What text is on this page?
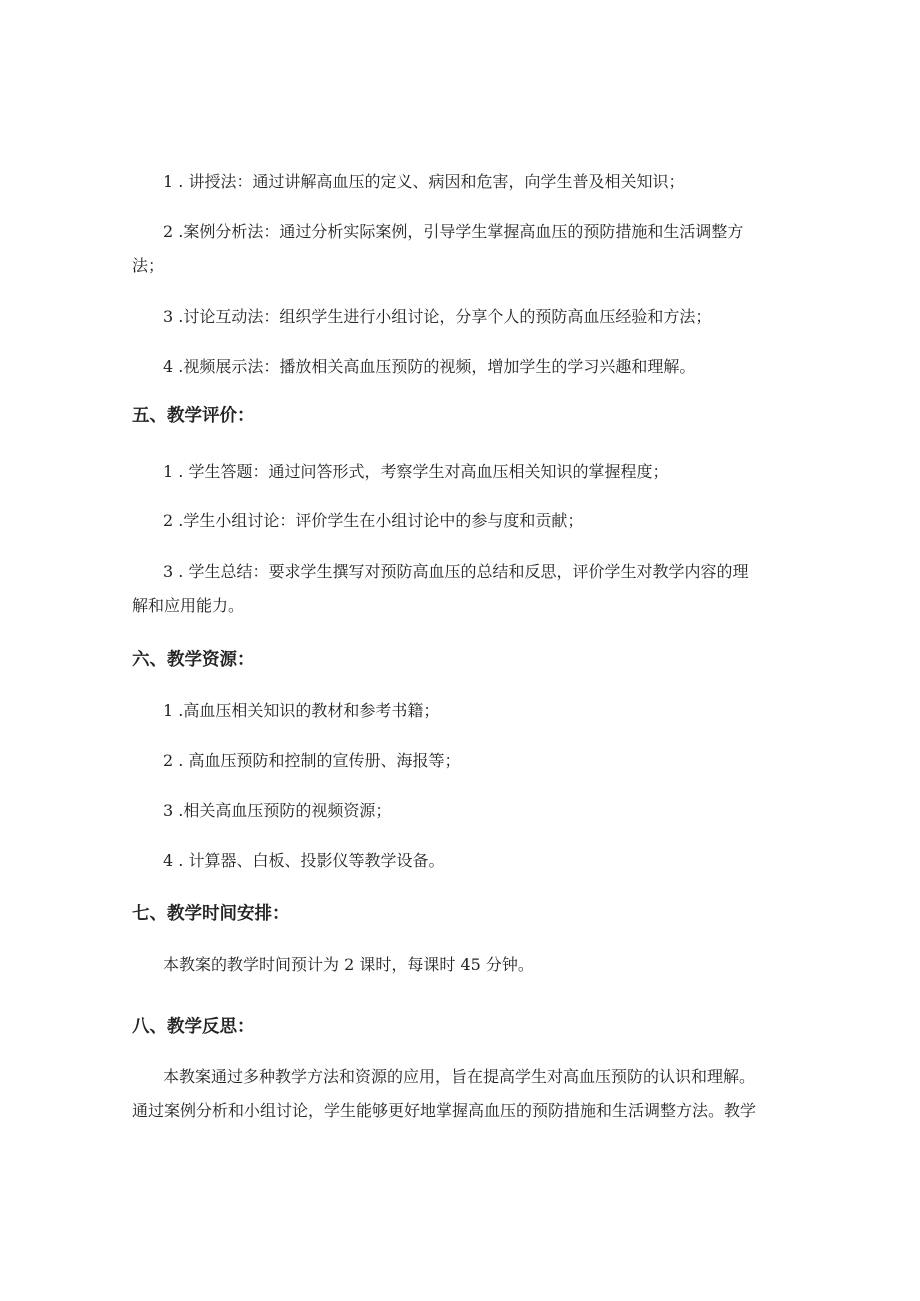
1 . 讲授法：通过讲解高血压的定义、病因和危害，向学生普及相关知识；
2 .案例分析法：通过分析实际案例，引导学生掌握高血压的预防措施和生活调整方
法；
3 .讨论互动法：组织学生进行小组讨论，分享个人的预防高血压经验和方法；
4 .视频展示法：播放相关高血压预防的视频，增加学生的学习兴趣和理解。
五、教学评价：
1 . 学生答题：通过问答形式，考察学生对高血压相关知识的掌握程度；
2 .学生小组讨论：评价学生在小组讨论中的参与度和贡献；
3 . 学生总结：要求学生撰写对预防高血压的总结和反思，评价学生对教学内容的理
解和应用能力。
六、教学资源：
1 .高血压相关知识的教材和参考书籍；
2 . 高血压预防和控制的宣传册、海报等；
3 .相关高血压预防的视频资源；
4 . 计算器、白板、投影仪等教学设备。
七、教学时间安排：
本教案的教学时间预计为 2 课时，每课时 45 分钟。
八、教学反思：
本教案通过多种教学方法和资源的应用，旨在提高学生对高血压预防的认识和理解。
通过案例分析和小组讨论，学生能够更好地掌握高血压的预防措施和生活调整方法。教学
